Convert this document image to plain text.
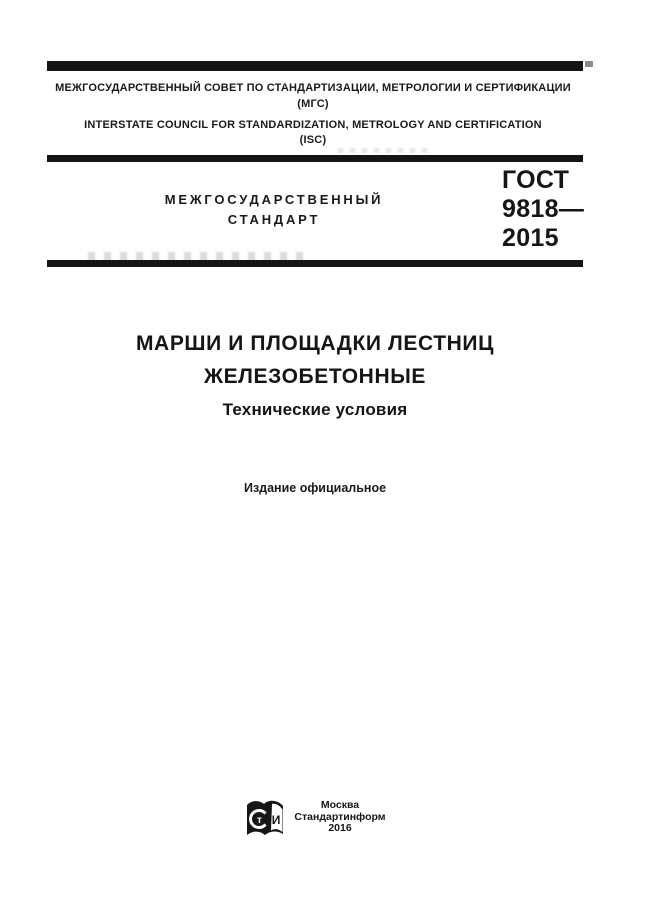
МЕЖГОСУДАРСТВЕННЫЙ СОВЕТ ПО СТАНДАРТИЗАЦИИ, МЕТРОЛОГИИ И СЕРТИФИКАЦИИ
(МГС)
INTERSTATE COUNCIL FOR STANDARDIZATION, METROLOGY AND CERTIFICATION
(ISC)
МЕЖГОСУДАРСТВЕННЫЙ
СТАНДАРТ
ГОСТ
9818—
2015
МАРШИ И ПЛОЩАДКИ ЛЕСТНИЦ
ЖЕЛЕЗОБЕТОННЫЕ
Технические условия
Издание официальное
т И
Москва
Стандартинформ
2016
